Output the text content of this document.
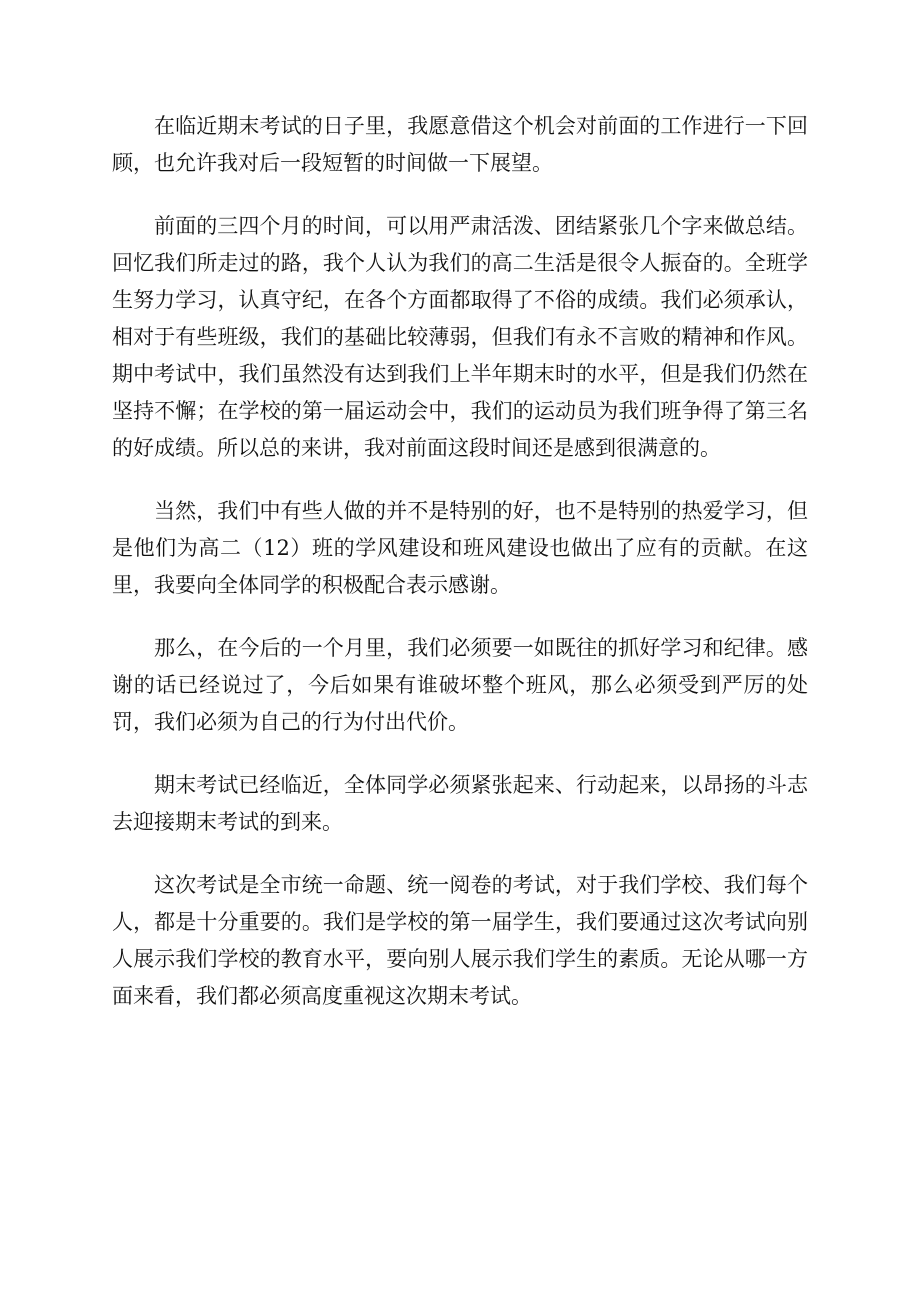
在临近期末考试的日子里，我愿意借这个机会对前面的工作进行一下回顾，也允许我对后一段短暂的时间做一下展望。

前面的三四个月的时间，可以用严肃活泼、团结紧张几个字来做总结。回忆我们所走过的路，我个人认为我们的高二生活是很令人振奋的。全班学生努力学习，认真守纪，在各个方面都取得了不俗的成绩。我们必须承认，相对于有些班级，我们的基础比较薄弱，但我们有永不言败的精神和作风。期中考试中，我们虽然没有达到我们上半年期末时的水平，但是我们仍然在坚持不懈；在学校的第一届运动会中，我们的运动员为我们班争得了第三名的好成绩。所以总的来讲，我对前面这段时间还是感到很满意的。

当然，我们中有些人做的并不是特别的好，也不是特别的热爱学习，但是他们为高二（12）班的学风建设和班风建设也做出了应有的贡献。在这里，我要向全体同学的积极配合表示感谢。

那么，在今后的一个月里，我们必须要一如既往的抓好学习和纪律。感谢的话已经说过了，今后如果有谁破坏整个班风，那么必须受到严厉的处罚，我们必须为自己的行为付出代价。

期末考试已经临近，全体同学必须紧张起来、行动起来，以昂扬的斗志去迎接期末考试的到来。

这次考试是全市统一命题、统一阅卷的考试，对于我们学校、我们每个人，都是十分重要的。我们是学校的第一届学生，我们要通过这次考试向别人展示我们学校的教育水平，要向别人展示我们学生的素质。无论从哪一方面来看，我们都必须高度重视这次期末考试。
